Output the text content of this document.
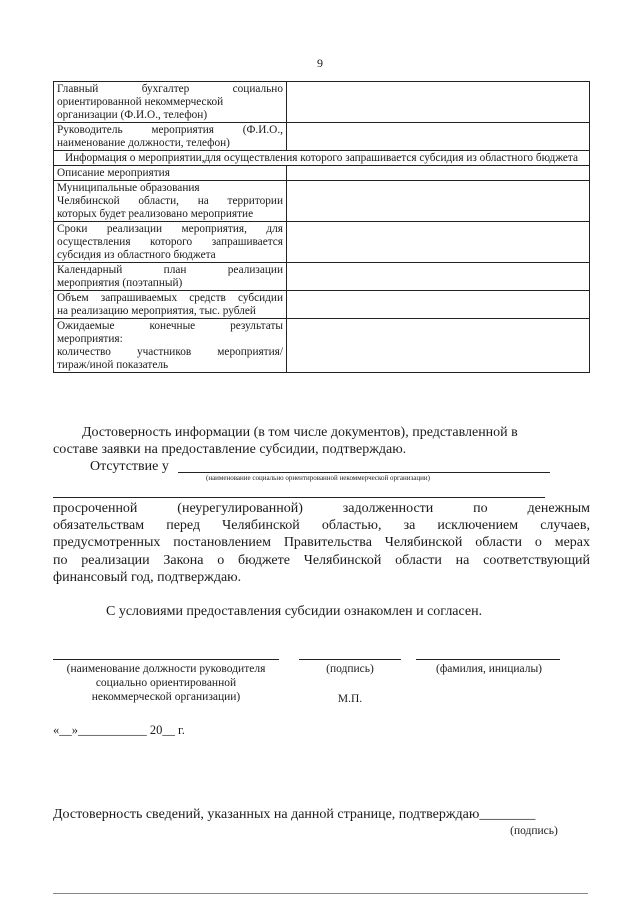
9
Главный бухгалтер социально
ориентированной некоммерческой
организации (Ф.И.О., телефон)	

Руководитель мероприятия (Ф.И.О.,
наименование должности, телефон)	

Информация о мероприятии,для осуществления которого запрашивается субсидия из областного бюджета	

Описание мероприятия	

Муниципальные образования
Челябинской области, на территории
которых будет реализовано мероприятие	

Сроки реализации мероприятия, для
осуществления которого запрашивается
субсидия из областного бюджета	

Календарный план реализации
мероприятия (поэтапный)	

Объем запрашиваемых средств субсидии
на реализацию мероприятия, тыс. рублей	

Ожидаемые конечные результаты
мероприятия:
количество участников мероприятия/
тираж/иной показатель	

Достоверность информации (в том числе документов), представленной в
составе заявки на предоставление субсидии, подтверждаю.
Отсутствие у
(наименование социально ориентированной некоммерческой организации)
просроченной (неурегулированной) задолженности по денежным
обязательствам перед Челябинской областью, за исключением случаев,
предусмотренных постановлением Правительства Челябинской области о мерах
по реализации Закона о бюджете Челябинской области на соответствующий
финансовый год, подтверждаю.
С условиями предоставления субсидии ознакомлен и согласен.
(наименование должности руководителя
социально ориентированной
некоммерческой организации)
(подпись)	(фамилия, инициалы)
М.П.
«__»___________ 20__ г.
Достоверность сведений, указанных на данной странице, подтверждаю________
(подпись)
